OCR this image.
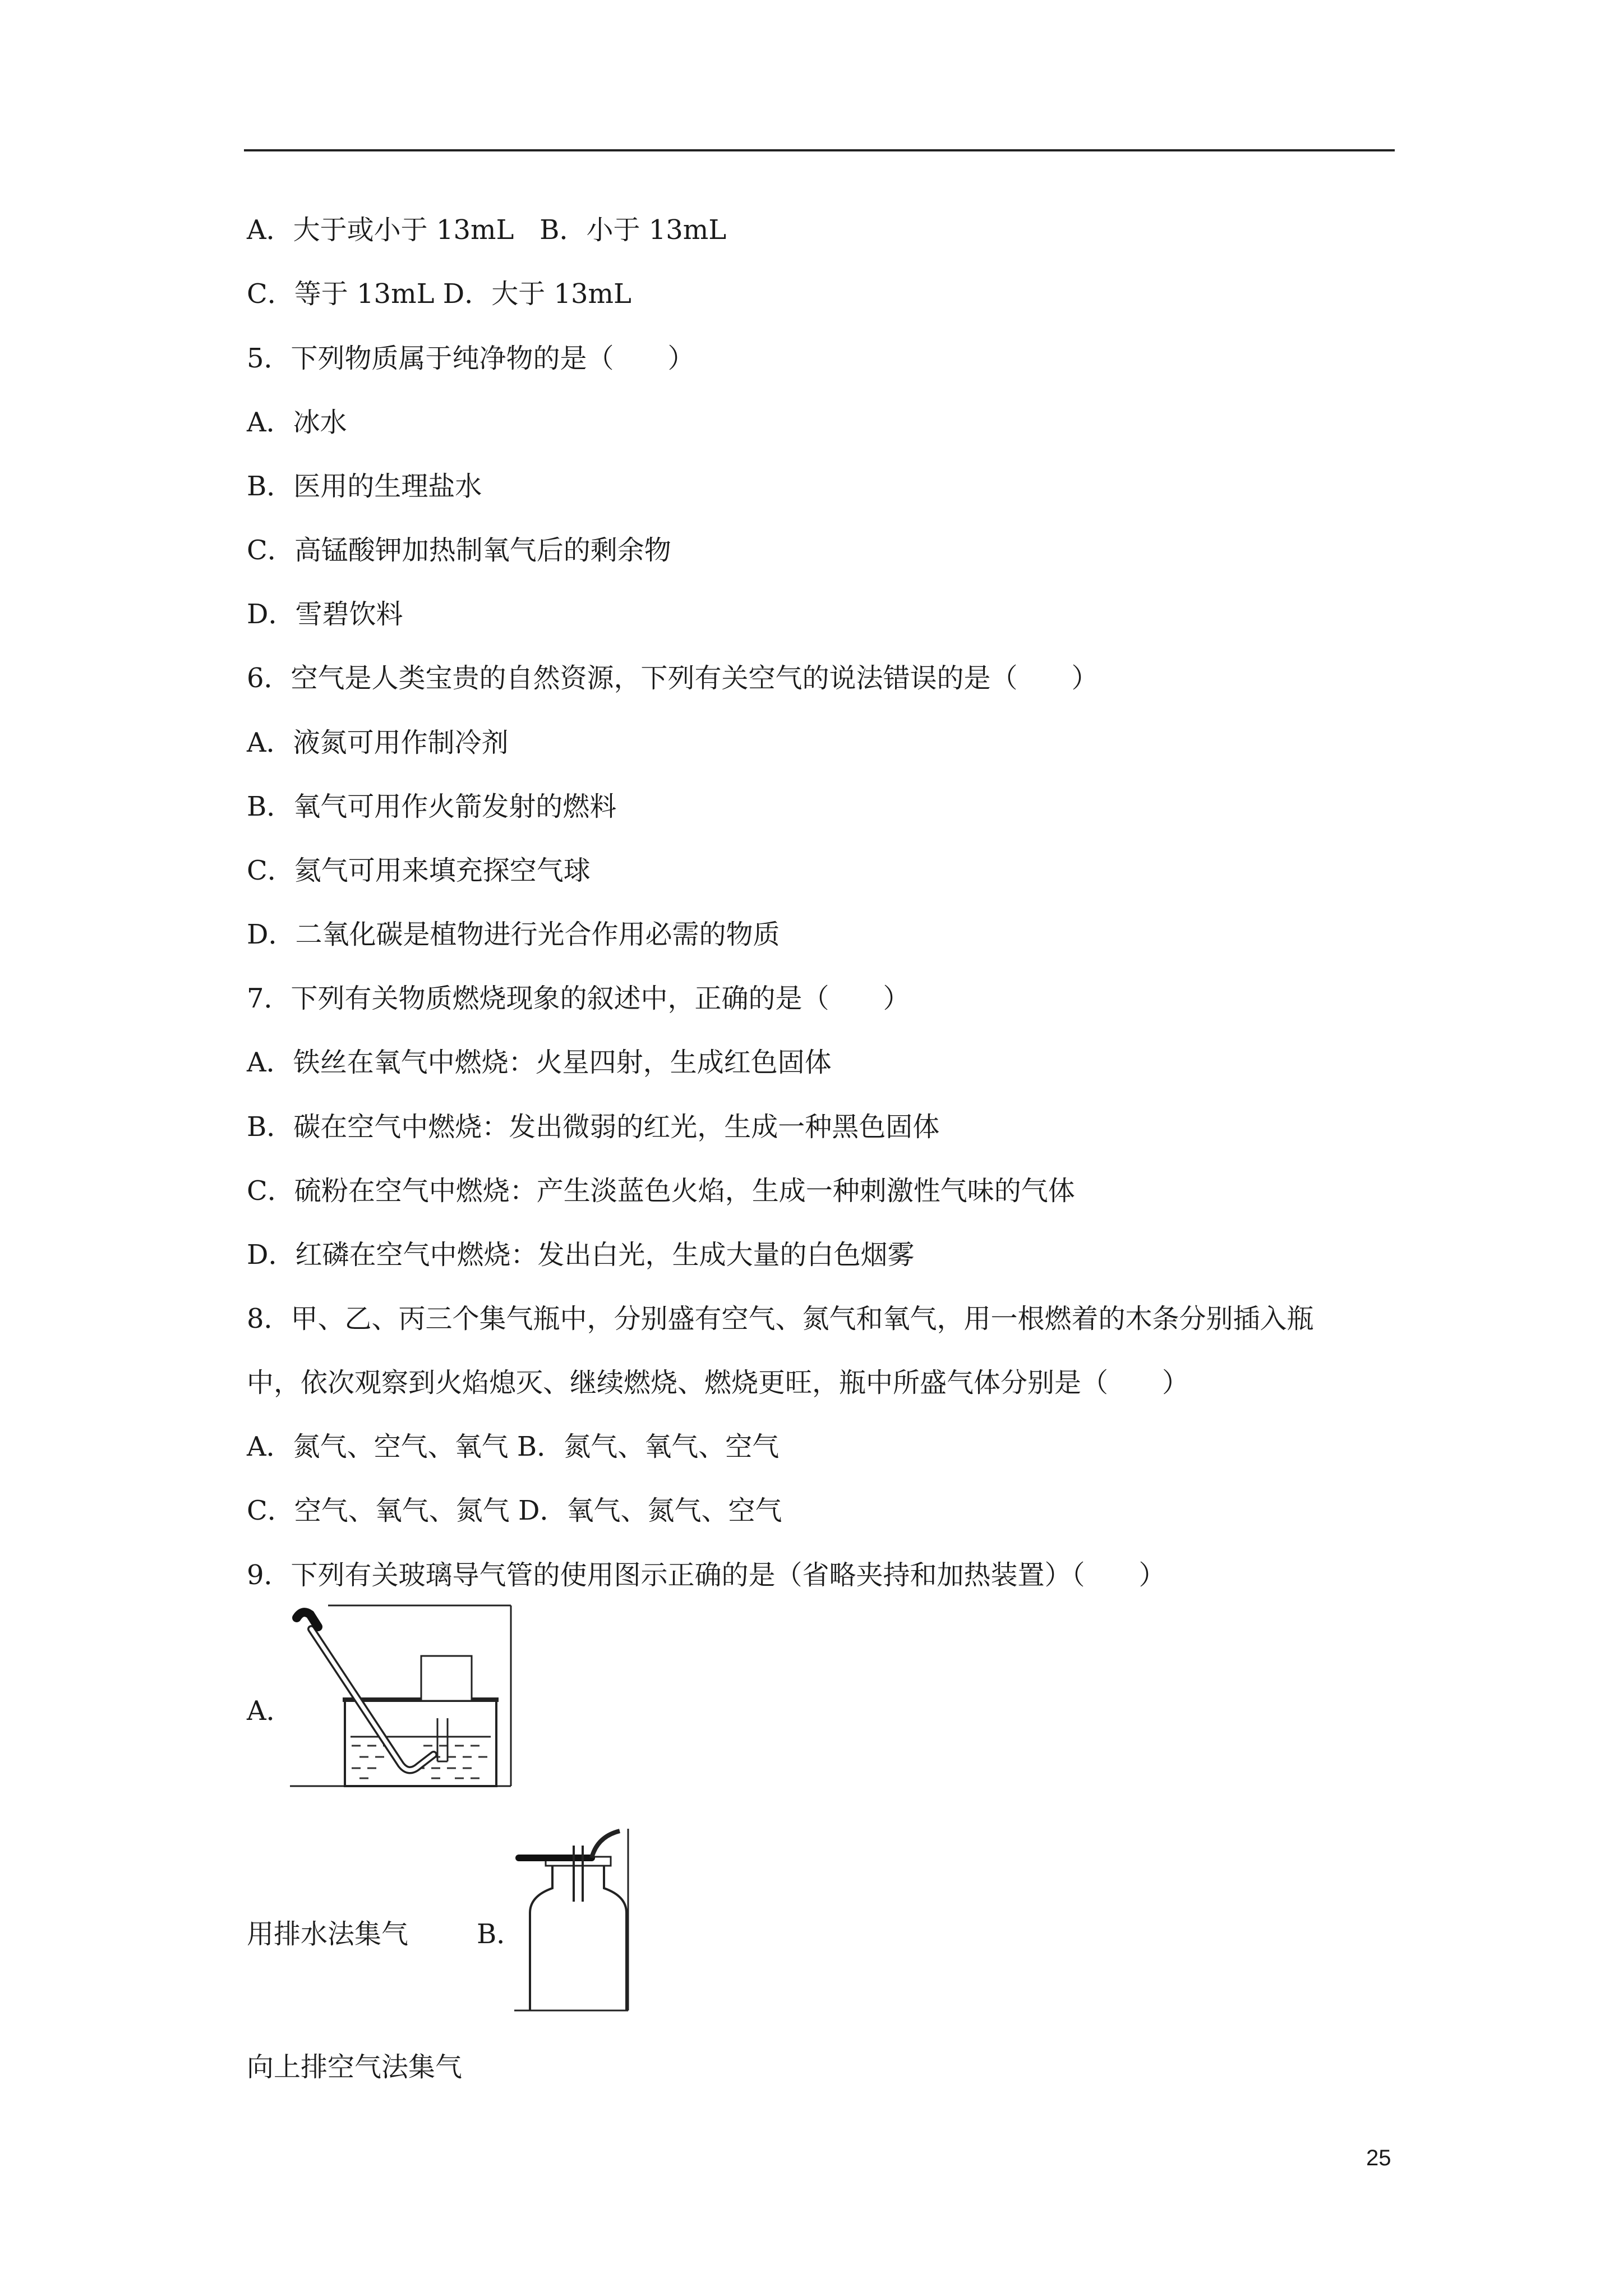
A．大于或小于 13mL   B．小于 13mL
C．等于 13mL D．大于 13mL
5．下列物质属于纯净物的是（　　）
A．冰水
B．医用的生理盐水
C．高锰酸钾加热制氧气后的剩余物
D．雪碧饮料
6．空气是人类宝贵的自然资源，下列有关空气的说法错误的是（　　）
A．液氮可用作制冷剂
B．氧气可用作火箭发射的燃料
C．氦气可用来填充探空气球
D．二氧化碳是植物进行光合作用必需的物质
7．下列有关物质燃烧现象的叙述中，正确的是（　　）
A．铁丝在氧气中燃烧：火星四射，生成红色固体
B．碳在空气中燃烧：发出微弱的红光，生成一种黑色固体
C．硫粉在空气中燃烧：产生淡蓝色火焰，生成一种刺激性气味的气体
D．红磷在空气中燃烧：发出白光，生成大量的白色烟雾
8．甲、乙、丙三个集气瓶中，分别盛有空气、氮气和氧气，用一根燃着的木条分别插入瓶
中，依次观察到火焰熄灭、继续燃烧、燃烧更旺，瓶中所盛气体分别是（　　）
A．氮气、空气、氧气 B．氮气、氧气、空气
C．空气、氧气、氮气 D．氧气、氮气、空气
9．下列有关玻璃导气管的使用图示正确的是（省略夹持和加热装置）（　　）
A．
用排水法集气	B．
向上排空气法集气
25
